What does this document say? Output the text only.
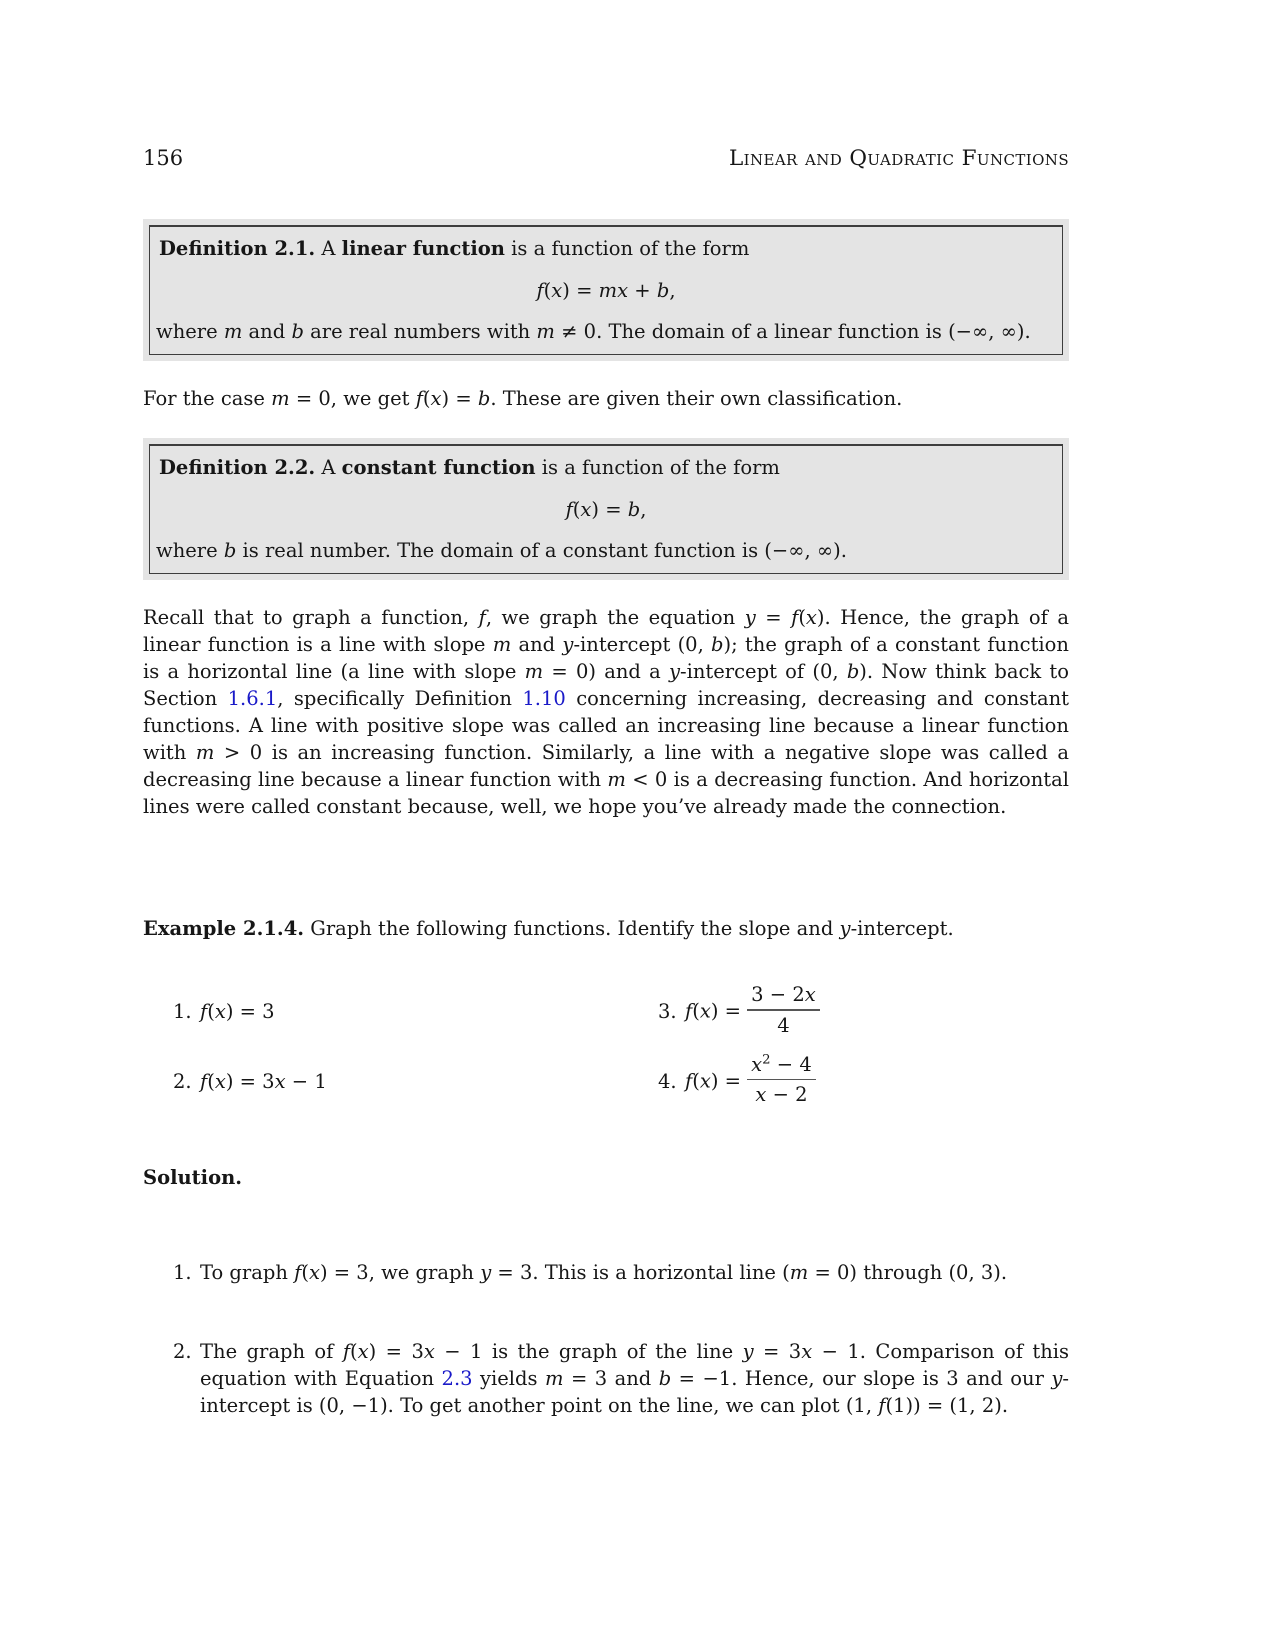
156	Linear and Quadratic Functions
Definition 2.1. A linear function is a function of the form
f(x) = mx + b,
where m and b are real numbers with m ≠ 0. The domain of a linear function is (−∞, ∞).

For the case m = 0, we get f(x) = b. These are given their own classification.

Definition 2.2. A constant function is a function of the form
f(x) = b,
where b is real number. The domain of a constant function is (−∞, ∞).

Recall that to graph a function, f, we graph the equation y = f(x). Hence, the graph of a linear function is a line with slope m and y-intercept (0, b); the graph of a constant function is a horizontal line (a line with slope m = 0) and a y-intercept of (0, b). Now think back to Section 1.6.1, specifically Definition 1.10 concerning increasing, decreasing and constant functions. A line with positive slope was called an increasing line because a linear function with m > 0 is an increasing function. Similarly, a line with a negative slope was called a decreasing line because a linear function with m < 0 is a decreasing function. And horizontal lines were called constant because, well, we hope you’ve already made the connection.

Example 2.1.4. Graph the following functions. Identify the slope and y-intercept.

1. f(x) = 3	3. $f(x) = \frac{3 - 2x}{4}$
2. f(x) = 3x − 1	4. $f(x) = \frac{x^2 - 4}{x - 2}$

Solution.

1. To graph f(x) = 3, we graph y = 3. This is a horizontal line (m = 0) through (0, 3).
2. The graph of f(x) = 3x − 1 is the graph of the line y = 3x − 1. Comparison of this equation with Equation 2.3 yields m = 3 and b = −1. Hence, our slope is 3 and our y-intercept is (0, −1). To get another point on the line, we can plot (1, f(1)) = (1, 2).
